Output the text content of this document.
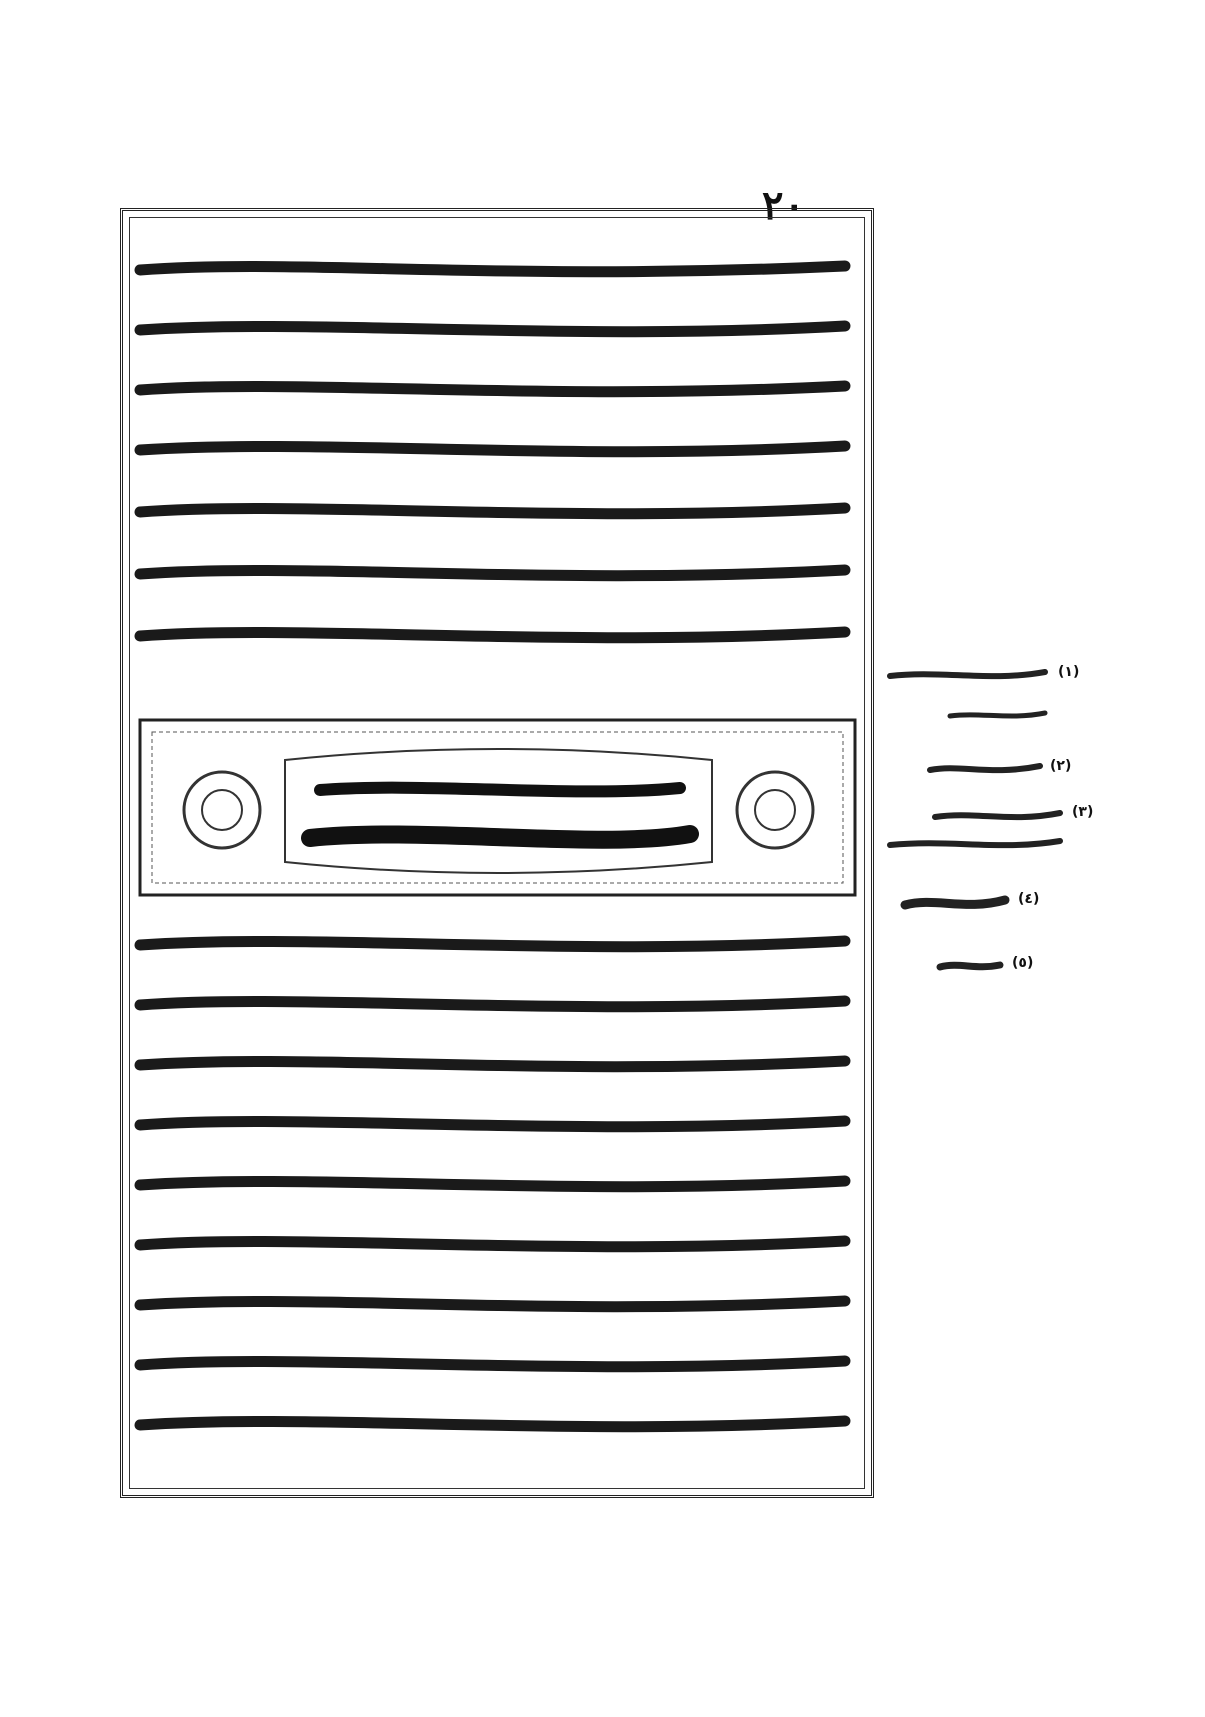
٢٠
(١)
(٢)
(٣)
(٤)
(٥)
